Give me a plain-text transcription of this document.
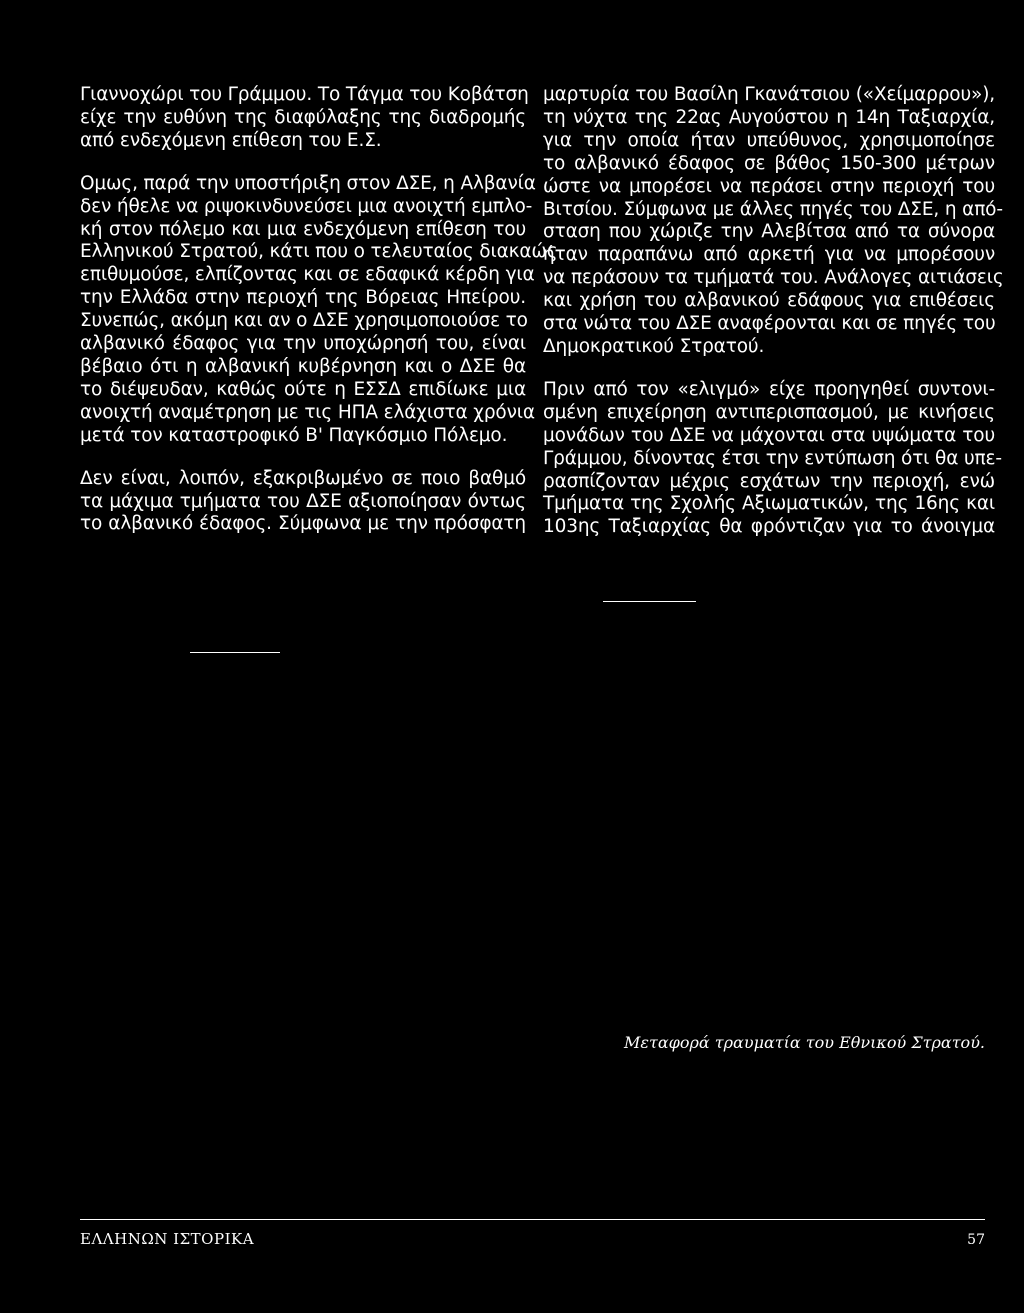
Γιαννοχώρι του Γράμμου. Το Τάγμα του Κοβάτση
είχε την ευθύνη της διαφύλαξης της διαδρομής
από ενδεχόμενη επίθεση του Ε.Σ.
Ομως, παρά την υποστήριξη στον ΔΣΕ, η Αλβανία
δεν ήθελε να ριψοκινδυνεύσει μια ανοιχτή εμπλο-
κή στον πόλεμο και μια ενδεχόμενη επίθεση του
Ελληνικού Στρατού, κάτι που ο τελευταίος διακαώς
επιθυμούσε, ελπίζοντας και σε εδαφικά κέρδη για
την Ελλάδα στην περιοχή της Βόρειας Ηπείρου.
Συνεπώς, ακόμη και αν ο ΔΣΕ χρησιμοποιούσε το
αλβανικό έδαφος για την υποχώρησή του, είναι
βέβαιο ότι η αλβανική κυβέρνηση και ο ΔΣΕ θα
το διέψευδαν, καθώς ούτε η ΕΣΣΔ επιδίωκε μια
ανοιχτή αναμέτρηση με τις ΗΠΑ ελάχιστα χρόνια
μετά τον καταστροφικό Β' Παγκόσμιο Πόλεμο.
Δεν είναι, λοιπόν, εξακριβωμένο σε ποιο βαθμό
τα μάχιμα τμήματα του ΔΣΕ αξιοποίησαν όντως
το αλβανικό έδαφος. Σύμφωνα με την πρόσφατη
μαρτυρία του Βασίλη Γκανάτσιου («Χείμαρρου»),
τη νύχτα της 22ας Αυγούστου η 14η Ταξιαρχία,
για την οποία ήταν υπεύθυνος, χρησιμοποίησε
το αλβανικό έδαφος σε βάθος 150-300 μέτρων
ώστε να μπορέσει να περάσει στην περιοχή του
Βιτσίου. Σύμφωνα με άλλες πηγές του ΔΣΕ, η από-
σταση που χώριζε την Αλεβίτσα από τα σύνορα
ήταν παραπάνω από αρκετή για να μπορέσουν
να περάσουν τα τμήματά του. Ανάλογες αιτιάσεις
και χρήση του αλβανικού εδάφους για επιθέσεις
στα νώτα του ΔΣΕ αναφέρονται και σε πηγές του
Δημοκρατικού Στρατού.
Πριν από τον «ελιγμό» είχε προηγηθεί συντονι-
σμένη επιχείρηση αντιπερισπασμού, με κινήσεις
μονάδων του ΔΣΕ να μάχονται στα υψώματα του
Γράμμου, δίνοντας έτσι την εντύπωση ότι θα υπε-
ρασπίζονταν μέχρις εσχάτων την περιοχή, ενώ
Τμήματα της Σχολής Αξιωματικών, της 16ης και
103ης Ταξιαρχίας θα φρόντιζαν για το άνοιγμα
Μεταφορά τραυματία του Εθνικού Στρατού.
ΕΛΛΗΝΩΝ ΙΣΤΟΡΙΚΑ	57
